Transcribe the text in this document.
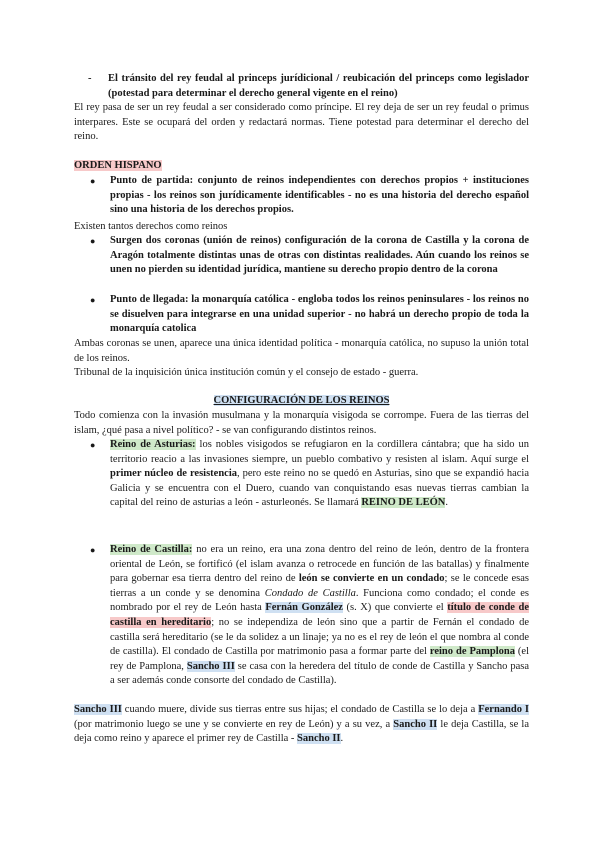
- El tránsito del rey feudal al princeps jurídicional / reubicación del princeps como legislador (potestad para determinar el derecho general vigente en el reino)

El rey pasa de ser un rey feudal a ser considerado como príncipe. El rey deja de ser un rey feudal o primus interpares. Este se ocupará del orden y redactará normas. Tiene potestad para determinar el derecho del reino.

ORDEN HISPANO

● Punto de partida: conjunto de reinos independientes con derechos propios + instituciones propias - los reinos son jurídicamente identificables - no es una historia del derecho español sino una historia de los derechos propios.

Existen tantos derechos como reinos

● Surgen dos coronas (unión de reinos) configuración de la corona de Castilla y la corona de Aragón totalmente distintas unas de otras con distintas realidades. Aún cuando los reinos se unen no pierden su identidad jurídica, mantiene su derecho propio dentro de la corona
● Punto de llegada: la monarquía católica - engloba todos los reinos peninsulares - los reinos no se disuelven para integrarse en una unidad superior - no habrá un derecho propio de toda la monarquía catolica

Ambas coronas se unen, aparece una única identidad política - monarquía católica, no supuso la unión total de los reinos.

Tribunal de la inquisición única institución común y el consejo de estado - guerra.

CONFIGURACIÓN DE LOS REINOS

Todo comienza con la invasión musulmana y la monarquía visigoda se corrompe. Fuera de las tierras del islam, ¿qué pasa a nivel político? - se van configurando distintos reinos.

● Reino de Asturias: los nobles visigodos se refugiaron en la cordillera cántabra; que ha sido un territorio reacio a las invasiones siempre, un pueblo combativo y resisten al islam. Aquí surge el primer núcleo de resistencia, pero este reino no se quedó en Asturias, sino que se expandió hacia Galicia y se encuentra con el Duero, cuando van conquistando esas nuevas tierras cambian la capital del reino de asturias a león - asturleonés. Se llamará REINO DE LEÓN.
● Reino de Castilla: no era un reino, era una zona dentro del reino de león, dentro de la frontera oriental de León, se fortificó (el islam avanza o retrocede en función de las batallas) y finalmente para gobernar esa tierra dentro del reino de león se convierte en un condado; se le concede esas tierras a un conde y se denomina Condado de Castilla. Funciona como condado; el conde es nombrado por el rey de León hasta Fernán González (s. X) que convierte el título de conde de castilla en hereditario; no se independiza de león sino que a partir de Fernán el condado de castilla será hereditario (se le da solidez a un linaje; ya no es el rey de león el que nombra al conde de castilla). El condado de Castilla por matrimonio pasa a formar parte del reino de Pamplona (el rey de Pamplona, Sancho III se casa con la heredera del título de conde de Castilla y Sancho pasa a ser además conde consorte del condado de Castilla).

Sancho III cuando muere, divide sus tierras entre sus hijas; el condado de Castilla se lo deja a Fernando I (por matrimonio luego se une y se convierte en rey de León) y a su vez, a Sancho II le deja Castilla, se la deja como reino y aparece el primer rey de Castilla - Sancho II.
